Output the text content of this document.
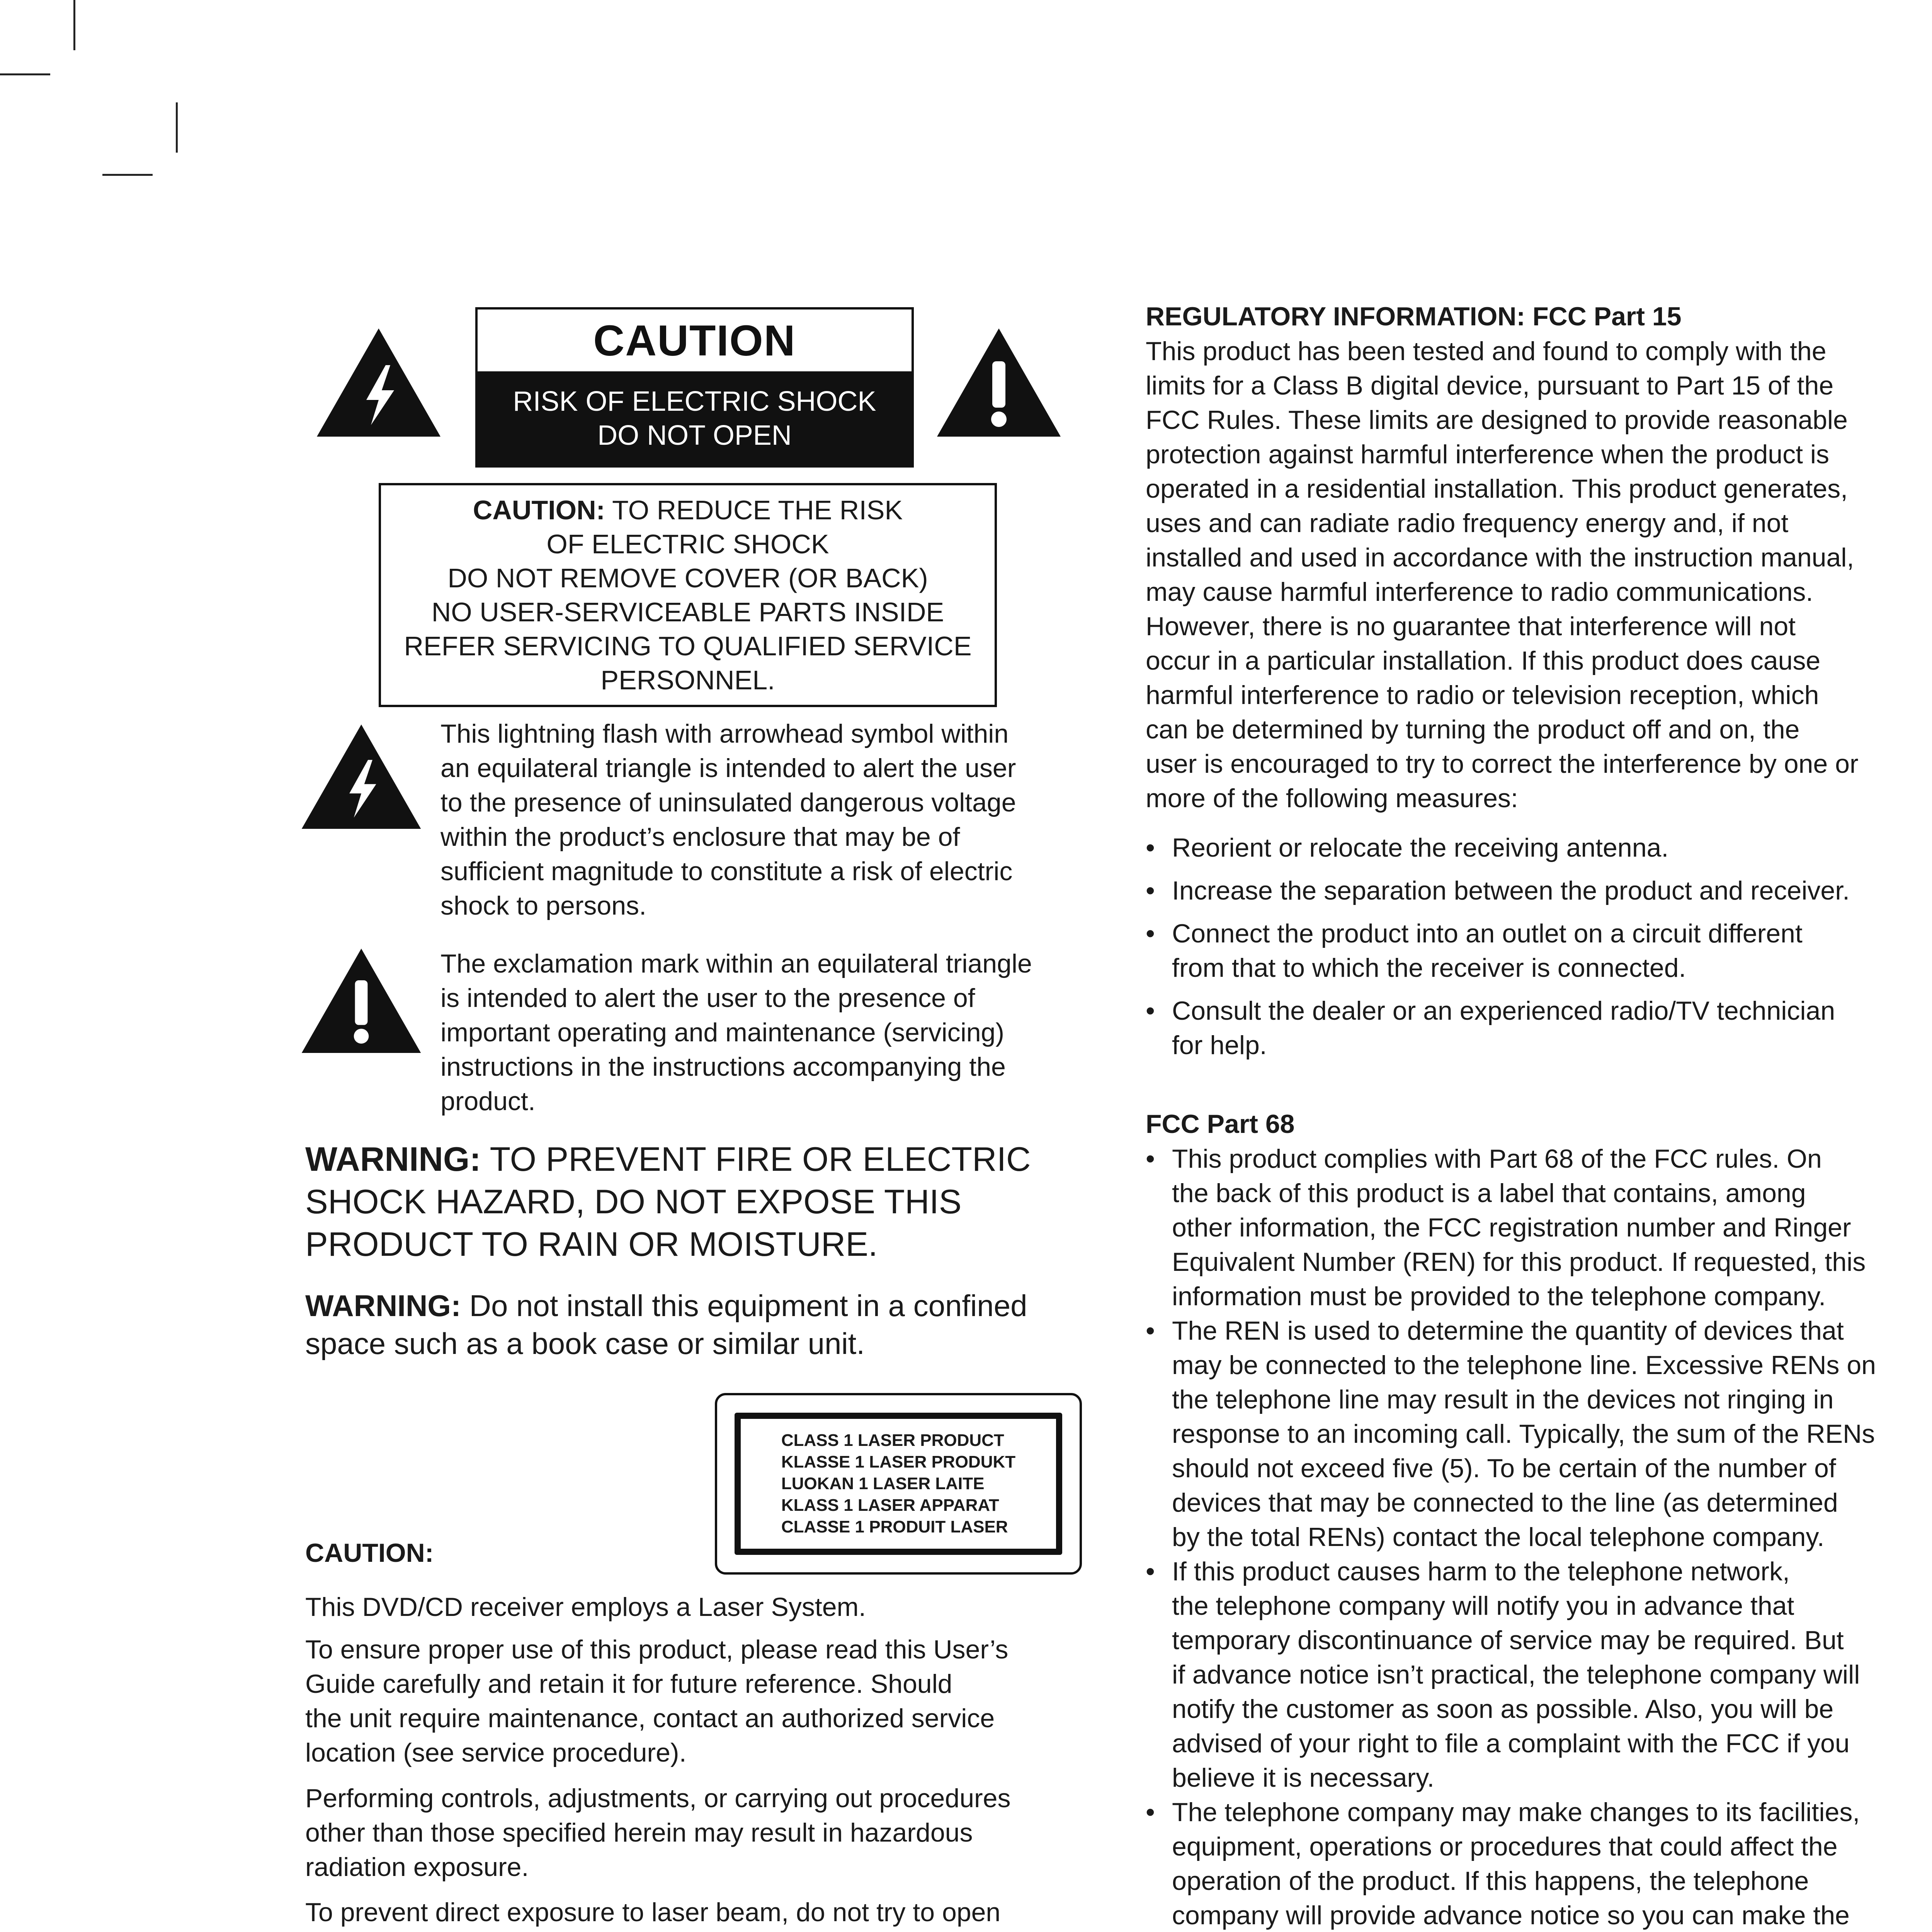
CAUTION
RISK OF ELECTRIC SHOCK
DO NOT OPEN
CAUTION: TO REDUCE THE RISK
OF ELECTRIC SHOCK
DO NOT REMOVE COVER (OR BACK)
NO USER-SERVICEABLE PARTS INSIDE
REFER SERVICING TO QUALIFIED SERVICE
PERSONNEL.
This lightning flash with arrowhead symbol within
an equilateral triangle is intended to alert the user
to the presence of uninsulated dangerous voltage
within the product’s enclosure that may be of
sufficient magnitude to constitute a risk of electric
shock to persons.
The exclamation mark within an equilateral triangle
is intended to alert the user to the presence of
important operating and maintenance (servicing)
instructions in the instructions accompanying the
product.
WARNING: TO PREVENT FIRE OR ELECTRIC
SHOCK HAZARD, DO NOT EXPOSE THIS
PRODUCT TO RAIN OR MOISTURE.
WARNING: Do not install this equipment in a confined
space such as a book case or similar unit.
CLASS 1 LASER PRODUCT
KLASSE 1 LASER PRODUKT
LUOKAN 1 LASER LAITE
KLASS 1 LASER APPARAT
CLASSE 1 PRODUIT LASER
CAUTION:
This DVD/CD receiver employs a Laser System.
To ensure proper use of this product, please read this User’s
Guide carefully and retain it for future reference. Should
the unit require maintenance, contact an authorized service
location (see service procedure).
Performing controls, adjustments, or carrying out procedures
other than those specified herein may result in hazardous
radiation exposure.
To prevent direct exposure to laser beam, do not try to open
REGULATORY INFORMATION: FCC Part 15
This product has been tested and found to comply with the
limits for a Class B digital device, pursuant to Part 15 of the
FCC Rules. These limits are designed to provide reasonable
protection against harmful interference when the product is
operated in a residential installation. This product generates,
uses and can radiate radio frequency energy and, if not
installed and used in accordance with the instruction manual,
may cause harmful interference to radio communications.
However, there is no guarantee that interference will not
occur in a particular installation. If this product does cause
harmful interference to radio or television reception, which
can be determined by turning the product off and on, the
user is encouraged to try to correct the interference by one or
more of the following measures:
• Reorient or relocate the receiving antenna.
• Increase the separation between the product and receiver.
• Connect the product into an outlet on a circuit different
from that to which the receiver is connected.
• Consult the dealer or an experienced radio/TV technician
for help.
FCC Part 68
• This product complies with Part 68 of the FCC rules. On
the back of this product is a label that contains, among
other information, the FCC registration number and Ringer
Equivalent Number (REN) for this product. If requested, this
information must be provided to the telephone company.
• The REN is used to determine the quantity of devices that
may be connected to the telephone line. Excessive RENs on
the telephone line may result in the devices not ringing in
response to an incoming call. Typically, the sum of the RENs
should not exceed five (5). To be certain of the number of
devices that may be connected to the line (as determined
by the total RENs) contact the local telephone company.
• If this product causes harm to the telephone network,
the telephone company will notify you in advance that
temporary discontinuance of service may be required. But
if advance notice isn’t practical, the telephone company will
notify the customer as soon as possible. Also, you will be
advised of your right to file a complaint with the FCC if you
believe it is necessary.
• The telephone company may make changes to its facilities,
equipment, operations or procedures that could affect the
operation of the product. If this happens, the telephone
company will provide advance notice so you can make the
